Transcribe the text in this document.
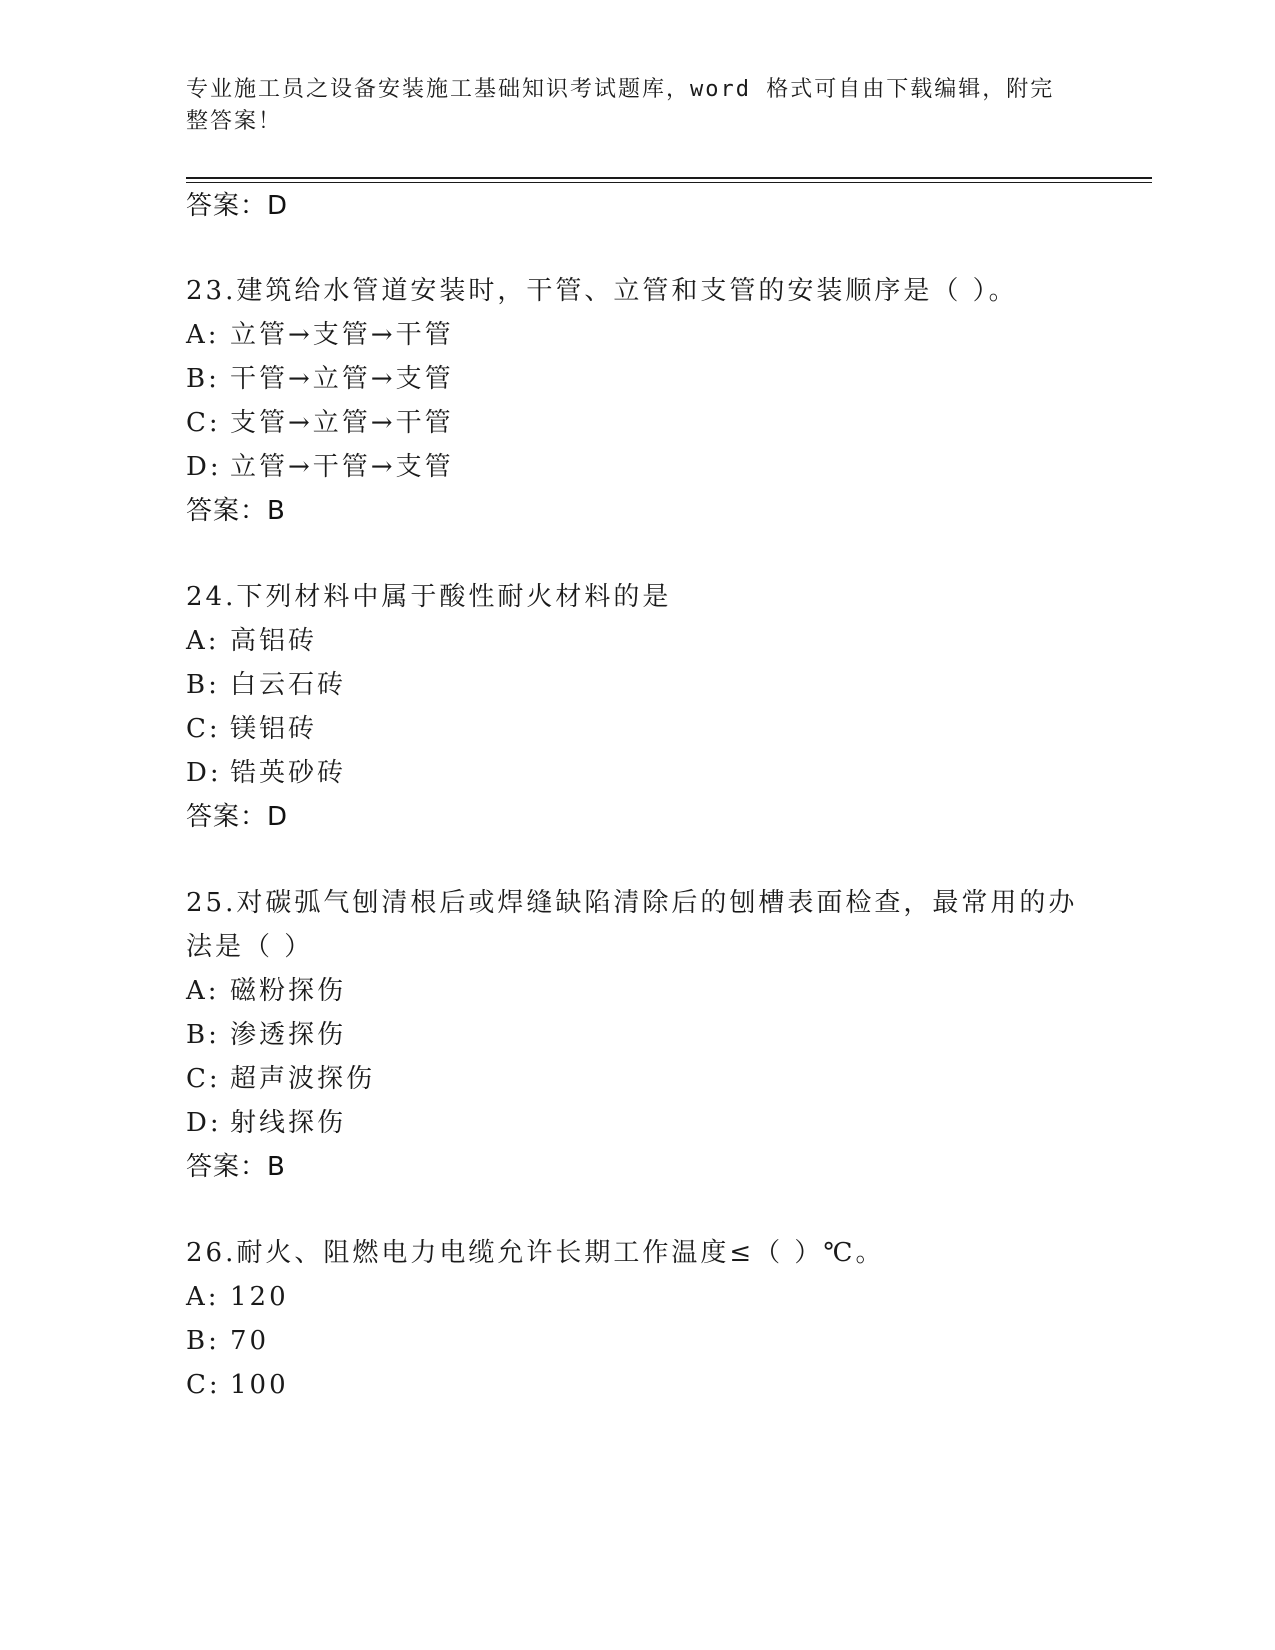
专业施工员之设备安装施工基础知识考试题库，word 格式可自由下载编辑，附完
整答案！
答案：D
23.建筑给水管道安装时，干管、立管和支管的安装顺序是（ ）。
A: 立管→支管→干管
B: 干管→立管→支管
C: 支管→立管→干管
D: 立管→干管→支管
答案：B
24.下列材料中属于酸性耐火材料的是
A: 高铝砖
B: 白云石砖
C: 镁铝砖
D: 锆英砂砖
答案：D
25.对碳弧气刨清根后或焊缝缺陷清除后的刨槽表面检查，最常用的办
法是（ ）
A: 磁粉探伤
B: 渗透探伤
C: 超声波探伤
D: 射线探伤
答案：B
26.耐火、阻燃电力电缆允许长期工作温度≤（ ）℃。
A: 120
B: 70
C: 100
